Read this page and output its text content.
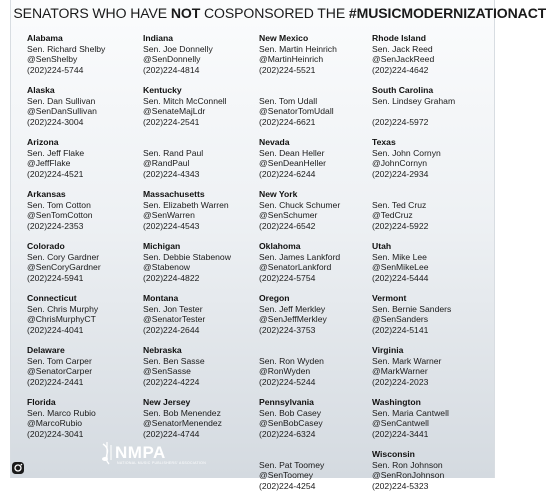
SENATORS WHO HAVE NOT COSPONSORED THE #MUSICMODERNIZATIONACT
Alabama
Sen. Richard Shelby
@SenShelby
(202)224-5744
Alaska
Sen. Dan Sullivan
@SenDanSullivan
(202)224-3004
Arizona
Sen. Jeff Flake
@JeffFlake
(202)224-4521
Arkansas
Sen. Tom Cotton
@SenTomCotton
(202)224-2353
Colorado
Sen. Cory Gardner
@SenCoryGardner
(202)224-5941
Connecticut
Sen. Chris Murphy
@ChrisMurphyCT
(202)224-4041
Delaware
Sen. Tom Carper
@SenatorCarper
(202)224-2441
Florida
Sen. Marco Rubio
@MarcoRubio
(202)224-3041
Indiana
Sen. Joe Donnelly
@SenDonnelly
(202)224-4814
Kentucky
Sen. Mitch McConnell
@SenateMajLdr
(202)224-2541

Sen. Rand Paul
@RandPaul
(202)224-4343
Massachusetts
Sen. Elizabeth Warren
@SenWarren
(202)224-4543
Michigan
Sen. Debbie Stabenow
@Stabenow
(202)224-4822
Montana
Sen. Jon Tester
@SenatorTester
(202)224-2644
Nebraska
Sen. Ben Sasse
@SenSasse
(202)224-4224
New Jersey
Sen. Bob Menendez
@SenatorMenendez
(202)224-4744
New Mexico
Sen. Martin Heinrich
@MartinHeinrich
(202)224-5521

Sen. Tom Udall
@SenatorTomUdall
(202)224-6621
Nevada
Sen. Dean Heller
@SenDeanHeller
(202)224-6244
New York
Sen. Chuck Schumer
@SenSchumer
(202)224-6542
Oklahoma
Sen. James Lankford
@SenatorLankford
(202)224-5754
Oregon
Sen. Jeff Merkley
@SenJeffMerkley
(202)224-3753

Sen. Ron Wyden
@RonWyden
(202)224-5244
Pennsylvania
Sen. Bob Casey
@SenBobCasey
(202)224-6324

Sen. Pat Toomey
@SenToomey
(202)224-4254
Rhode Island
Sen. Jack Reed
@SenJackReed
(202)224-4642
South Carolina
Sen. Lindsey Graham

(202)224-5972
Texas
Sen. John Cornyn
@JohnCornyn
(202)224-2934

Sen. Ted Cruz
@TedCruz
(202)224-5922
Utah
Sen. Mike Lee
@SenMikeLee
(202)224-5444
Vermont
Sen. Bernie Sanders
@SenSanders
(202)224-5141
Virginia
Sen. Mark Warner
@MarkWarner
(202)224-2023
Washington
Sen. Maria Cantwell
@SenCantwell
(202)224-3441
Wisconsin
Sen. Ron Johnson
@SenRonJohnson
(202)224-5323
NMPA
NATIONAL MUSIC PUBLISHERS' ASSOCIATION
